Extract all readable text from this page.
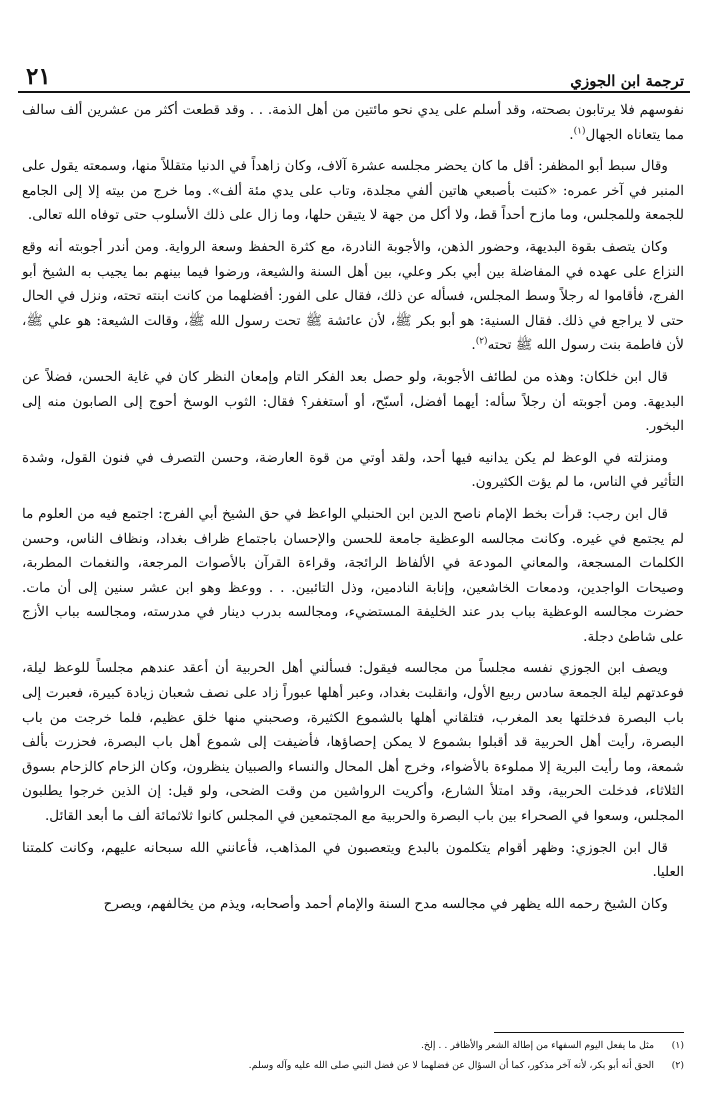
ترجمة ابن الجوزي
٢١

نفوسهم فلا يرتابون بصحته، وقد أسلم على يدي نحو مائتين من أهل الذمة. . . وقد قطعت أكثر من عشرين ألف سالف مما يتعاناه الجهال$^{(١)}$.

وقال سبط أبو المظفر: أقل ما كان يحضر مجلسه عشرة آلاف، وكان زاهداً في الدنيا متقللاً منها، وسمعته يقول على المنبر في آخر عمره: «كتبت بأصبعي هاتين ألفي مجلدة، وتاب على يدي مئة ألف». وما خرج من بيته إلا إلى الجامع للجمعة وللمجلس، وما مازح أحداً قط، ولا أكل من جهة لا يتيقن حلها، وما زال على ذلك الأسلوب حتى توفاه الله تعالى.

وكان يتصف بقوة البديهة، وحضور الذهن، والأجوبة النادرة، مع كثرة الحفظ وسعة الرواية. ومن أندر أجوبته أنه وقع النزاع على عهده في المفاضلة بين أبي بكر وعلي، بين أهل السنة والشيعة، ورضوا فيما بينهم بما يجيب به الشيخ أبو الفرج، فأقاموا له رجلاً وسط المجلس، فسأله عن ذلك، فقال على الفور: أفضلهما من كانت ابنته تحته، ونزل في الحال حتى لا يراجع في ذلك. فقال السنية: هو أبو بكر ﷺ، لأن عائشة ﷺ تحت رسول الله ﷺ، وقالت الشيعة: هو علي ﷺ، لأن فاطمة بنت رسول الله ﷺ تحته$^{(٢)}$.

قال ابن خلكان: وهذه من لطائف الأجوبة، ولو حصل بعد الفكر التام وإمعان النظر كان في غاية الحسن، فضلاً عن البديهة. ومن أجوبته أن رجلاً سأله: أيهما أفضل، أسبّح، أو أستغفر؟ فقال: الثوب الوسخ أحوج إلى الصابون منه إلى البخور.

ومنزلته في الوعظ لم يكن يدانيه فيها أحد، ولقد أوتي من قوة العارضة، وحسن التصرف في فنون القول، وشدة التأثير في الناس، ما لم يؤت الكثيرون.

قال ابن رجب: قرأت بخط الإمام ناصح الدين ابن الحنبلي الواعظ في حق الشيخ أبي الفرج: اجتمع فيه من العلوم ما لم يجتمع في غيره. وكانت مجالسه الوعظية جامعة للحسن والإحسان باجتماع ظراف بغداد، ونظاف الناس، وحسن الكلمات المسجعة، والمعاني المودعة في الألفاظ الرائجة، وقراءة القرآن بالأصوات المرجعة، والنغمات المطربة، وصيحات الواجدين، ودمعات الخاشعين، وإنابة النادمين، وذل التائبين. . . ووعظ وهو ابن عشر سنين إلى أن مات. حضرت مجالسه الوعظية بباب بدر عند الخليفة المستضيء، ومجالسه بدرب دينار في مدرسته، ومجالسه بباب الأزج على شاطئ دجلة.

ويصف ابن الجوزي نفسه مجلساً من مجالسه فيقول: فسألني أهل الحربية أن أعقد عندهم مجلساً للوعظ ليلة، فوعدتهم ليلة الجمعة سادس ربيع الأول، وانقلبت بغداد، وعبر أهلها عبوراً زاد على نصف شعبان زيادة كبيرة، فعبرت إلى باب البصرة فدخلتها بعد المغرب، فتلقاني أهلها بالشموع الكثيرة، وصحبني منها خلق عظيم، فلما خرجت من باب البصرة، رأيت أهل الحربية قد أقبلوا بشموع لا يمكن إحصاؤها، فأضيفت إلى شموع أهل باب البصرة، فحزرت بألف شمعة، وما رأيت البرية إلا مملوءة بالأضواء، وخرج أهل المحال والنساء والصبيان ينظرون، وكان الزحام كالزحام بسوق الثلاثاء، فدخلت الحربية، وقد امتلأ الشارع، وأكريت الرواشين من وقت الضحى، ولو قيل: إن الذين خرجوا يطلبون المجلس، وسعوا في الصحراء بين باب البصرة والحربية مع المجتمعين في المجلس كانوا ثلاثمائة ألف ما أبعد القائل.

قال ابن الجوزي: وظهر أقوام يتكلمون بالبدع ويتعصبون في المذاهب، فأعانني الله سبحانه عليهم، وكانت كلمتنا العليا.

وكان الشيخ رحمه الله يظهر في مجالسه مدح السنة والإمام أحمد وأصحابه، ويذم من يخالفهم، ويصرح

(١)
مثل ما يفعل اليوم السفهاء من إطالة الشعر والأظافر . . إلخ.
(٢)
الحق أنه أبو بكر، لأنه آخر مذكور، كما أن السؤال عن فضلهما لا عن فضل النبي صلى الله عليه وآله وسلم.
